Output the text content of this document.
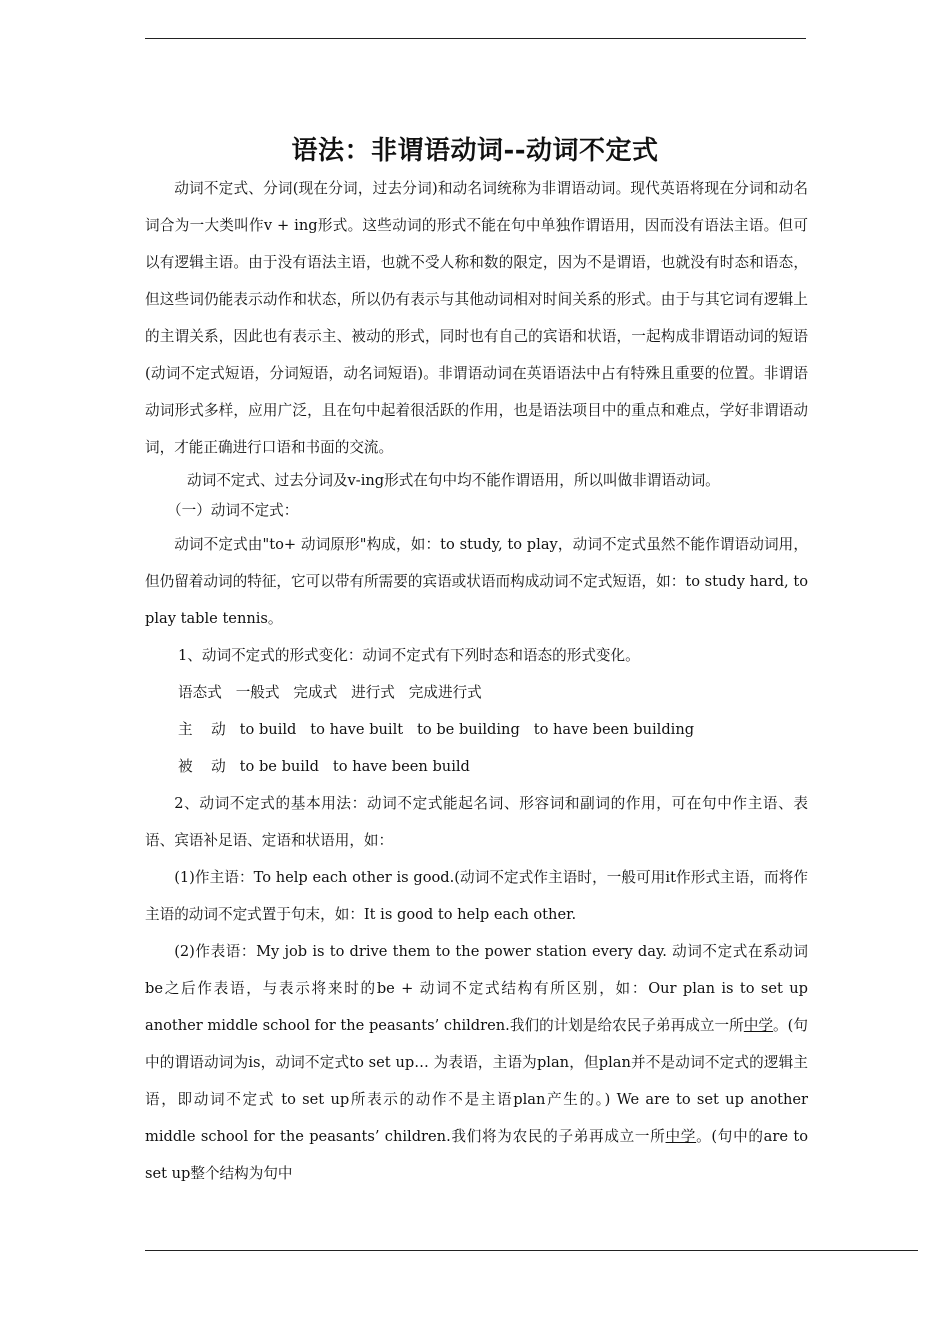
语法：非谓语动词--动词不定式

动词不定式、分词(现在分词，过去分词)和动名词统称为非谓语动词。现代英语将现在分词和动名词合为一大类叫作v + ing形式。这些动词的形式不能在句中单独作谓语用，因而没有语法主语。但可以有逻辑主语。由于没有语法主语，也就不受人称和数的限定，因为不是谓语，也就没有时态和语态，但这些词仍能表示动作和状态，所以仍有表示与其他动词相对时间关系的形式。由于与其它词有逻辑上的主谓关系，因此也有表示主、被动的形式，同时也有自己的宾语和状语，一起构成非谓语动词的短语(动词不定式短语，分词短语，动名词短语)。非谓语动词在英语语法中占有特殊且重要的位置。非谓语动词形式多样，应用广泛，且在句中起着很活跃的作用，也是语法项目中的重点和难点，学好非谓语动词，才能正确进行口语和书面的交流。

动词不定式、过去分词及v-ing形式在句中均不能作谓语用，所以叫做非谓语动词。

（一）动词不定式：

动词不定式由"to+ 动词原形"构成，如：to study, to play，动词不定式虽然不能作谓语动词用，但仍留着动词的特征，它可以带有所需要的宾语或状语而构成动词不定式短语，如：to study hard, to play table tennis。

1、动词不定式的形式变化：动词不定式有下列时态和语态的形式变化。

语态式   一般式   完成式   进行式   完成进行式

主    动   to build   to have built   to be building   to have been building

被    动   to be build   to have been build

2、动词不定式的基本用法：动词不定式能起名词、形容词和副词的作用，可在句中作主语、表语、宾语补足语、定语和状语用，如：

(1)作主语：To help each other is good.(动词不定式作主语时，一般可用it作形式主语，而将作主语的动词不定式置于句末，如：It is good to help each other.

(2)作表语：My job is to drive them to the power station every day. 动词不定式在系动词be之后作表语，与表示将来时的be + 动词不定式结构有所区别，如：Our plan is to set up another middle school for the peasants’ children.我们的计划是给农民子弟再成立一所中学。(句中的谓语动词为is，动词不定式to set up… 为表语，主语为plan，但plan并不是动词不定式的逻辑主语，即动词不定式 to set up所表示的动作不是主语plan产生的。) We are to set up another middle school for the peasants’ children.我们将为农民的子弟再成立一所中学。(句中的are to set up整个结构为句中
